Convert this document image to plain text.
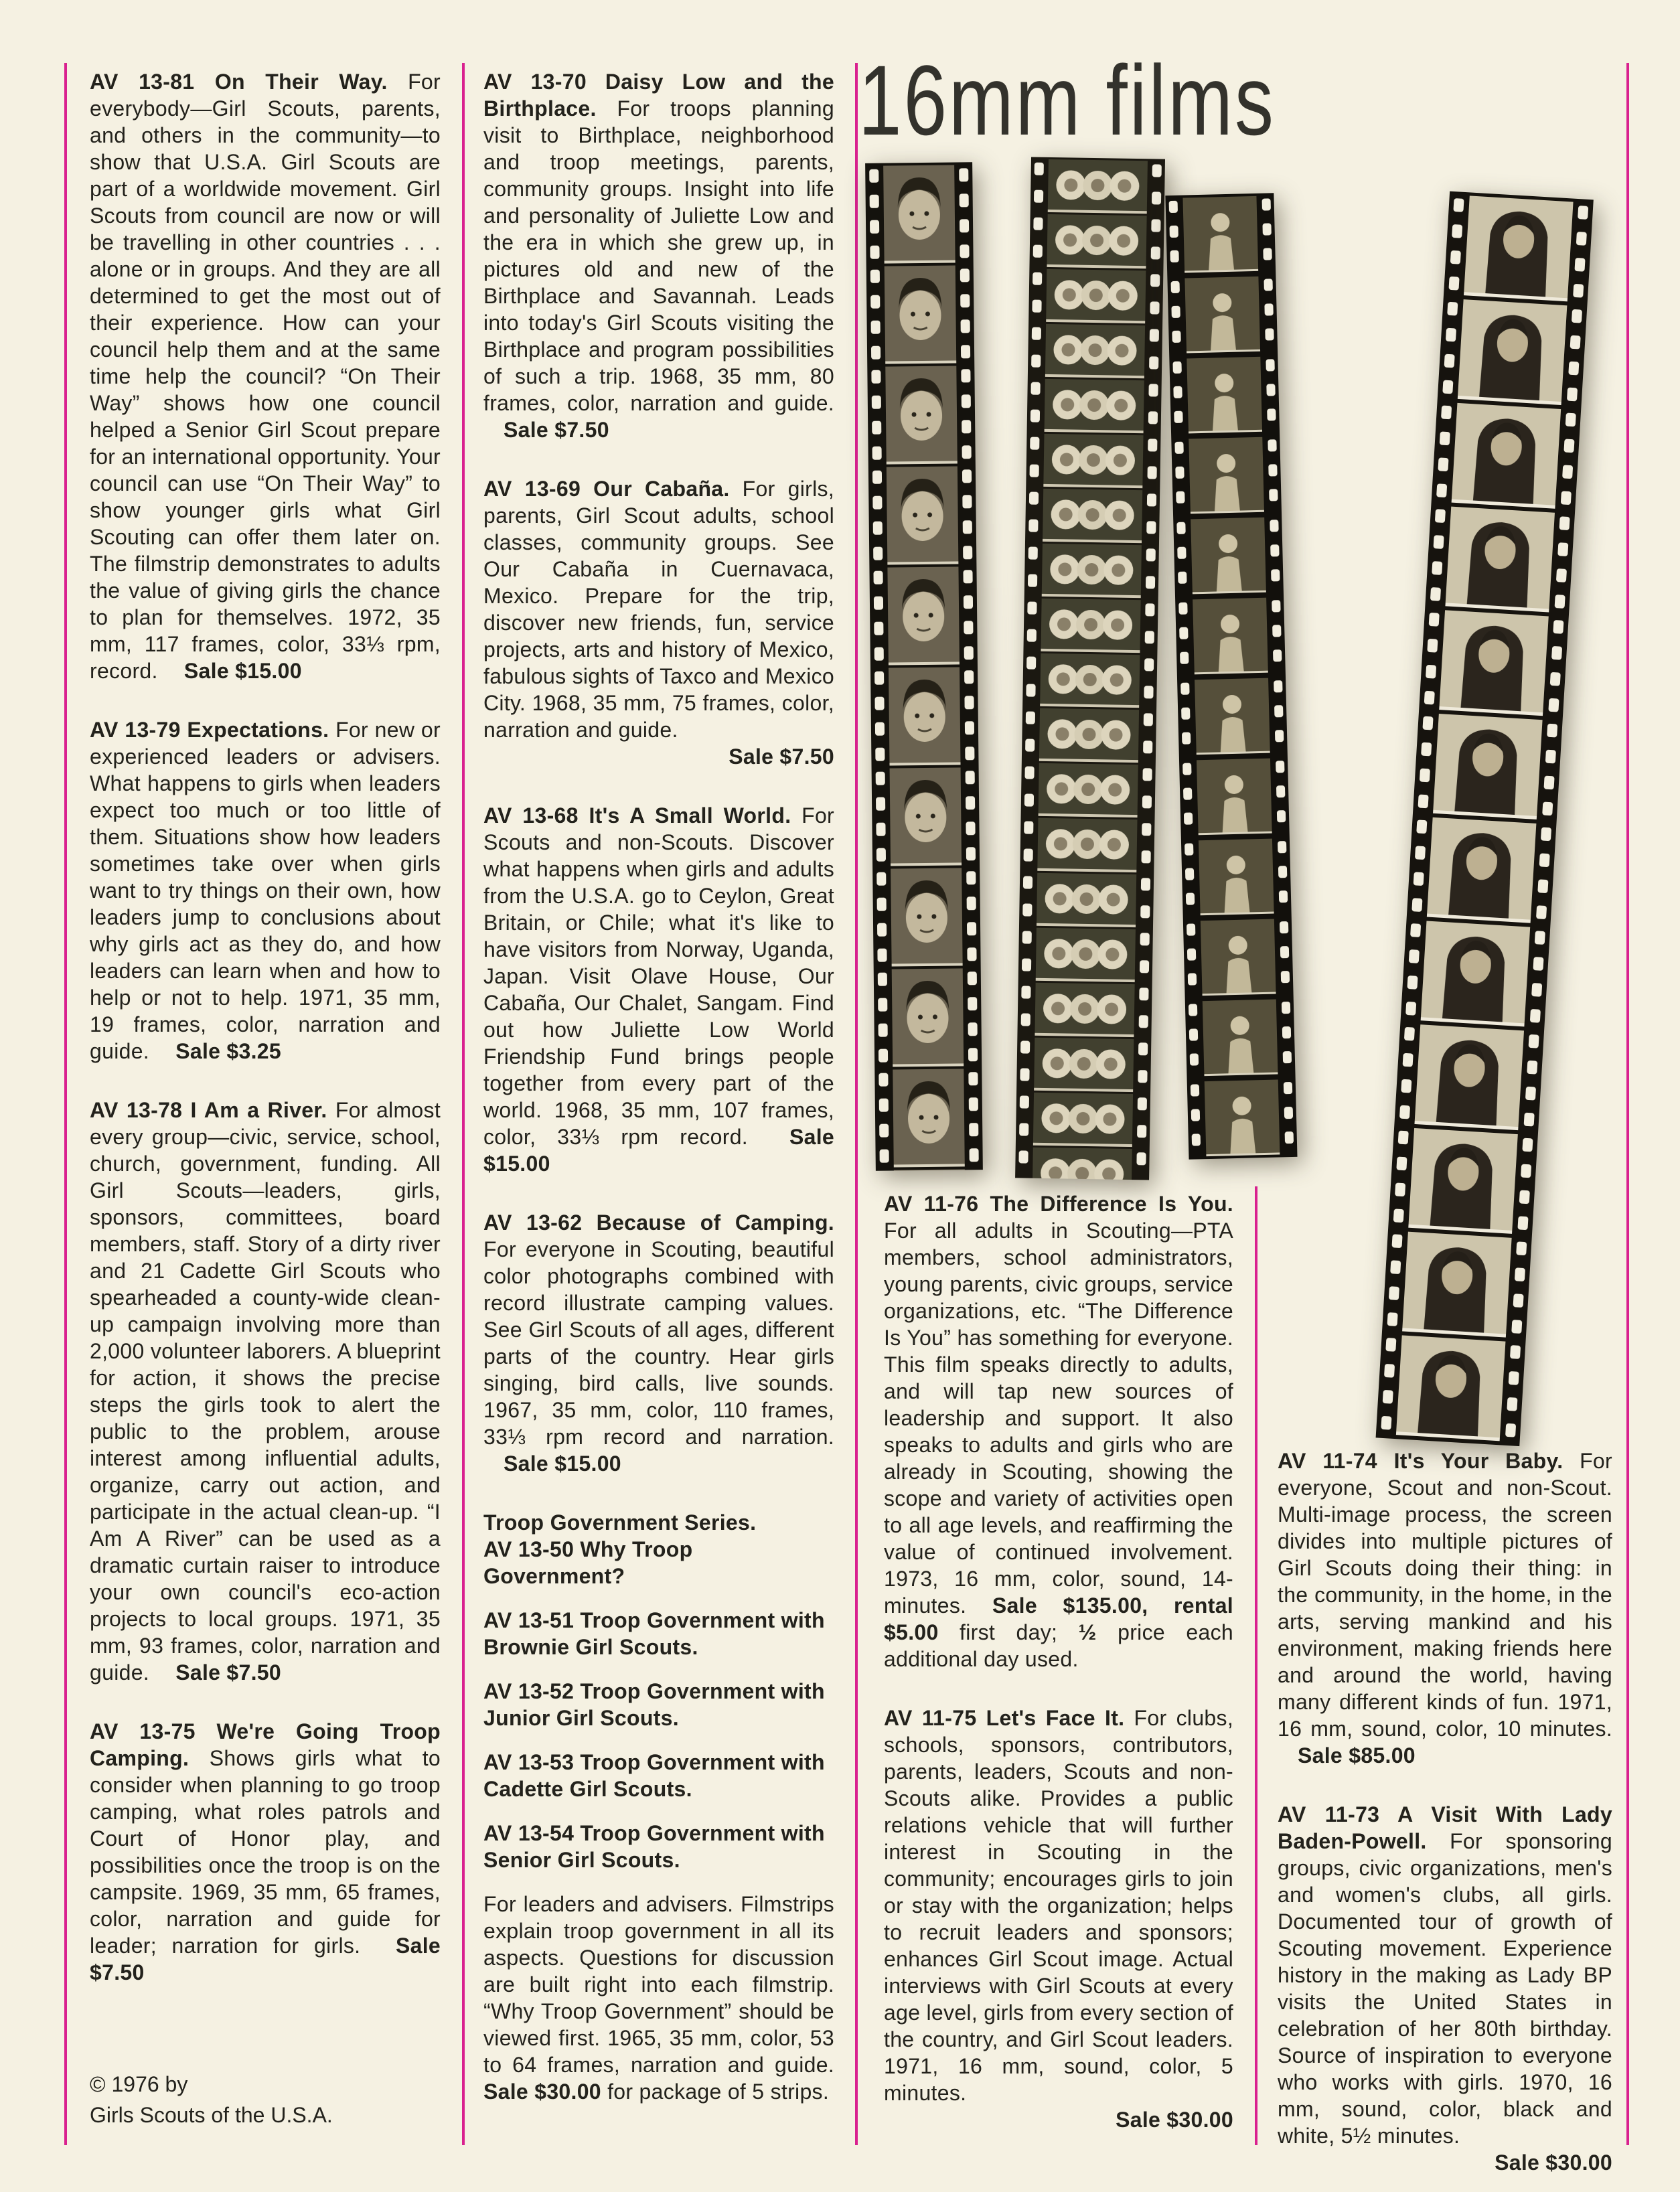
16mm films

AV 13-81 On Their Way. For everybody—Girl Scouts, parents, and others in the community—to show that U.S.A. Girl Scouts are part of a worldwide movement. Girl Scouts from council are now or will be travelling in other countries . . . alone or in groups. And they are all determined to get the most out of their experience. How can your council help them and at the same time help the council? “On Their Way” shows how one council helped a Senior Girl Scout prepare for an international opportunity. Your council can use “On Their Way” to show younger girls what Girl Scouting can offer them later on. The filmstrip demonstrates to adults the value of giving girls the chance to plan for themselves. 1972, 35 mm, 117 frames, color, 33⅓ rpm, record. Sale $15.00

AV 13-79 Expectations. For new or experienced leaders or advisers. What happens to girls when leaders expect too much or too little of them. Situations show how leaders sometimes take over when girls want to try things on their own, how leaders jump to conclusions about why girls act as they do, and how leaders can learn when and how to help or not to help. 1971, 35 mm, 19 frames, color, narration and guide. Sale $3.25

AV 13-78 I Am a River. For almost every group—civic, service, school, church, government, funding. All Girl Scouts—leaders, girls, sponsors, committees, board members, staff. Story of a dirty river and 21 Cadette Girl Scouts who spearheaded a county-wide clean-up campaign involving more than 2,000 volunteer laborers. A blueprint for action, it shows the precise steps the girls took to alert the public to the problem, arouse interest among influential adults, organize, carry out action, and participate in the actual clean-up. “I Am A River” can be used as a dramatic curtain raiser to introduce your own council's eco-action projects to local groups. 1971, 35 mm, 93 frames, color, narration and guide. Sale $7.50

AV 13-75 We're Going Troop Camping. Shows girls what to consider when planning to go troop camping, what roles patrols and Court of Honor play, and possibilities once the troop is on the campsite. 1969, 35 mm, 65 frames, color, narration and guide for leader; narration for girls. Sale $7.50

AV 13-70 Daisy Low and the Birthplace. For troops planning visit to Birthplace, neighborhood and troop meetings, parents, community groups. Insight into life and personality of Juliette Low and the era in which she grew up, in pictures old and new of the Birthplace and Savannah. Leads into today's Girl Scouts visiting the Birthplace and program possibilities of such a trip. 1968, 35 mm, 80 frames, color, narration and guide. Sale $7.50

AV 13-69 Our Cabaña. For girls, parents, Girl Scout adults, school classes, community groups. See Our Cabaña in Cuernavaca, Mexico. Prepare for the trip, discover new friends, fun, service projects, arts and history of Mexico, fabulous sights of Taxco and Mexico City. 1968, 35 mm, 75 frames, color, narration and guide.

Sale $7.50

AV 13-68 It's A Small World. For Scouts and non-Scouts. Discover what happens when girls and adults from the U.S.A. go to Ceylon, Great Britain, or Chile; what it's like to have visitors from Norway, Uganda, Japan. Visit Olave House, Our Cabaña, Our Chalet, Sangam. Find out how Juliette Low World Friendship Fund brings people together from every part of the world. 1968, 35 mm, 107 frames, color, 33⅓ rpm record. Sale $15.00

AV 13-62 Because of Camping. For everyone in Scouting, beautiful color photographs combined with record illustrate camping values. See Girl Scouts of all ages, different parts of the country. Hear girls singing, bird calls, live sounds. 1967, 35 mm, color, 110 frames, 33⅓ rpm record and narration. Sale $15.00

Troop Government Series.

AV 13-50 Why Troop Government?

AV 13-51 Troop Government with Brownie Girl Scouts.

AV 13-52 Troop Government with Junior Girl Scouts.

AV 13-53 Troop Government with Cadette Girl Scouts.

AV 13-54 Troop Government with Senior Girl Scouts.

For leaders and advisers. Filmstrips explain troop government in all its aspects. Questions for discussion are built right into each filmstrip. “Why Troop Government” should be viewed first. 1965, 35 mm, color, 53 to 64 frames, narration and guide. Sale $30.00 for package of 5 strips.

AV 11-76 The Difference Is You. For all adults in Scouting—PTA members, school administrators, young parents, civic groups, service organizations, etc. “The Difference Is You” has something for everyone. This film speaks directly to adults, and will tap new sources of leadership and support. It also speaks to adults and girls who are already in Scouting, showing the scope and variety of activities open to all age levels, and reaffirming the value of continued involvement. 1973, 16 mm, color, sound, 14-minutes. Sale $135.00, rental $5.00 first day; ½ price each additional day used.

AV 11-75 Let's Face It. For clubs, schools, sponsors, contributors, parents, leaders, Scouts and non-Scouts alike. Provides a public relations vehicle that will further interest in Scouting in the community; encourages girls to join or stay with the organization; helps to recruit leaders and sponsors; enhances Girl Scout image. Actual interviews with Girl Scouts at every age level, girls from every section of the country, and Girl Scout leaders. 1971, 16 mm, sound, color, 5 minutes.

Sale $30.00

AV 11-74 It's Your Baby. For everyone, Scout and non-Scout. Multi-image process, the screen divides into multiple pictures of Girl Scouts doing their thing: in the community, in the home, in the arts, serving mankind and his environment, making friends here and around the world, having many different kinds of fun. 1971, 16 mm, sound, color, 10 minutes. Sale $85.00

AV 11-73 A Visit With Lady Baden-Powell. For sponsoring groups, civic organizations, men's and women's clubs, all girls. Documented tour of growth of Scouting movement. Experience history in the making as Lady BP visits the United States in celebration of her 80th birthday. Source of inspiration to everyone who works with girls. 1970, 16 mm, sound, color, black and white, 5½ minutes.

Sale $30.00

© 1976 by
Girls Scouts of the U.S.A.
